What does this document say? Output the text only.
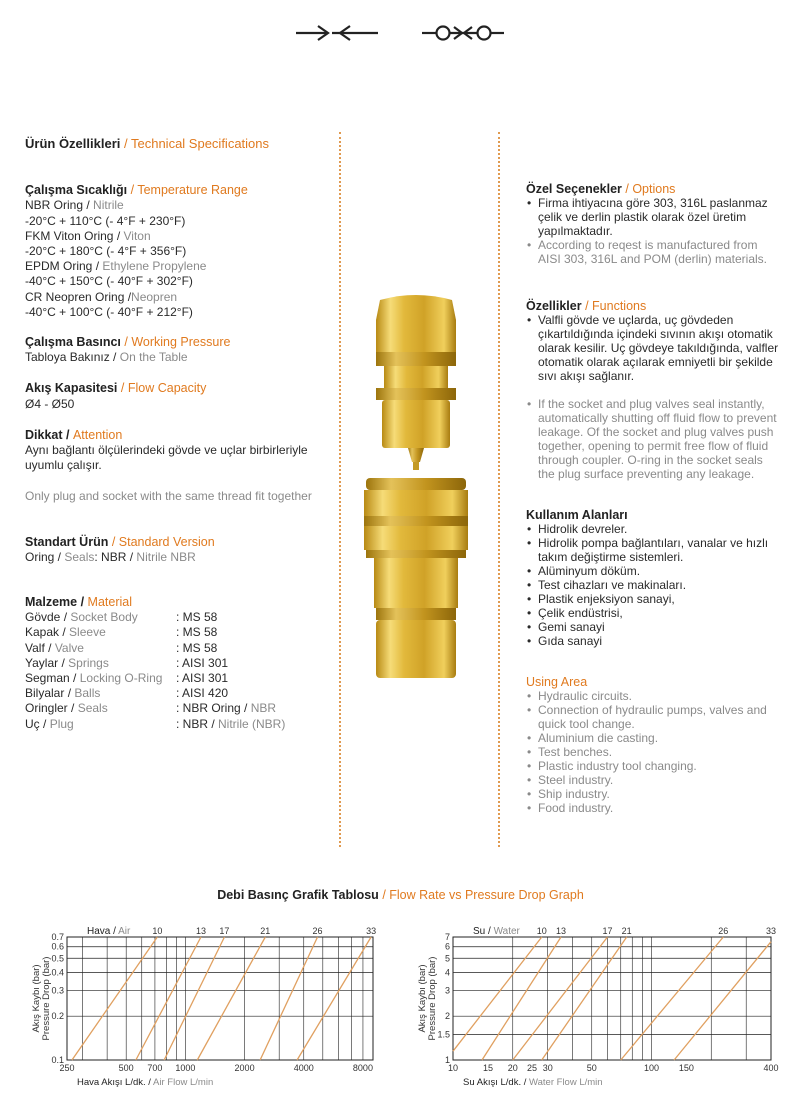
Ürün Özellikleri / Technical Specifications
Çalışma Sıcaklığı / Temperature Range
NBR Oring / Nitrile
-20°C + 110°C (- 4°F + 230°F)
FKM Viton Oring / Viton
-20°C + 180°C (- 4°F + 356°F)
EPDM Oring / Ethylene Propylene
-40°C + 150°C (- 40°F + 302°F)
CR Neopren Oring /Neopren
-40°C + 100°C (- 40°F + 212°F)
Çalışma Basıncı / Working Pressure
Tabloya Bakınız / On the Table
Akış Kapasitesi / Flow Capacity
Ø4 - Ø50
Dikkat / Attention
Aynı bağlantı ölçülerindeki gövde ve uçlar birbirleriyle uyumlu çalışır.
Only plug and socket with the same thread fit together
Standart Ürün / Standard Version
Oring / Seals: NBR / Nitrile NBR
Malzeme / Material
Gövde / Socket Body	: MS 58
Kapak / Sleeve	: MS 58
Valf / Valve	: MS 58
Yaylar / Springs	: AISI 301
Segman / Locking O-Ring	: AISI 301
Bilyalar / Balls	: AISI 420
Oringler / Seals	: NBR Oring / NBR
Uç / Plug	: NBR / Nitrile (NBR)
Özel Seçenekler / Options
• Firma ihtiyacına göre 303, 316L paslanmaz çelik ve derlin plastik olarak özel üretim yapılmaktadır.
• According to reqest is manufactured from AISI 303, 316L and POM (derlin) materials.
Özellikler / Functions
• Valfli gövde ve uçlarda, uç gövdeden çıkartıldığında içindeki sıvının akışı otomatik olarak kesilir. Uç gövdeye takıldığında, valfler otomatik olarak açılarak emniyetli bir şekilde sıvı akışı sağlanır.
• If the socket and plug valves seal instantly, automatically shutting off fluid flow to prevent leakage. Of the socket and plug valves push together, opening to permit free flow of fluid through coupler. O-ring in the socket seals the plug surface preventing any leakage.
Kullanım Alanları
• Hidrolik devreler.
• Hidrolik pompa bağlantıları, vanalar ve hızlı takım değiştirme sistemleri.
• Alüminyum döküm.
• Test cihazları ve makinaları.
• Plastik enjeksiyon sanayi,
• Çelik endüstrisi,
• Gemi sanayi
• Gıda sanayi
Using Area
• Hydraulic circuits.
• Connection of hydraulic pumps, valves and quick tool change.
• Aluminium die casting.
• Test benches.
• Plastic industry tool changing.
• Steel industry.
• Ship industry.
• Food industry.
Debi Basınç Grafik Tablosu / Flow Rate vs Pressure Drop Graph
0.1
0.2
0.3
0.4
0.5
0.6
0.7
250	500 700 1000	2000	4000	8000
10	13 17	21	26	33
Hava / Air
Hava Akışı L/dk. / Air Flow L/min
Akış Kaybı (bar) Pressure Drop (bar)
1
1.5
2
3
4
5
6
7
10	15 20 25 30	50	100 150	400
10 13	17 21	26	33
Su / Water
Su Akışı L/dk. / Water Flow L/min
Akış Kaybı (bar) Pressure Drop (bar)
